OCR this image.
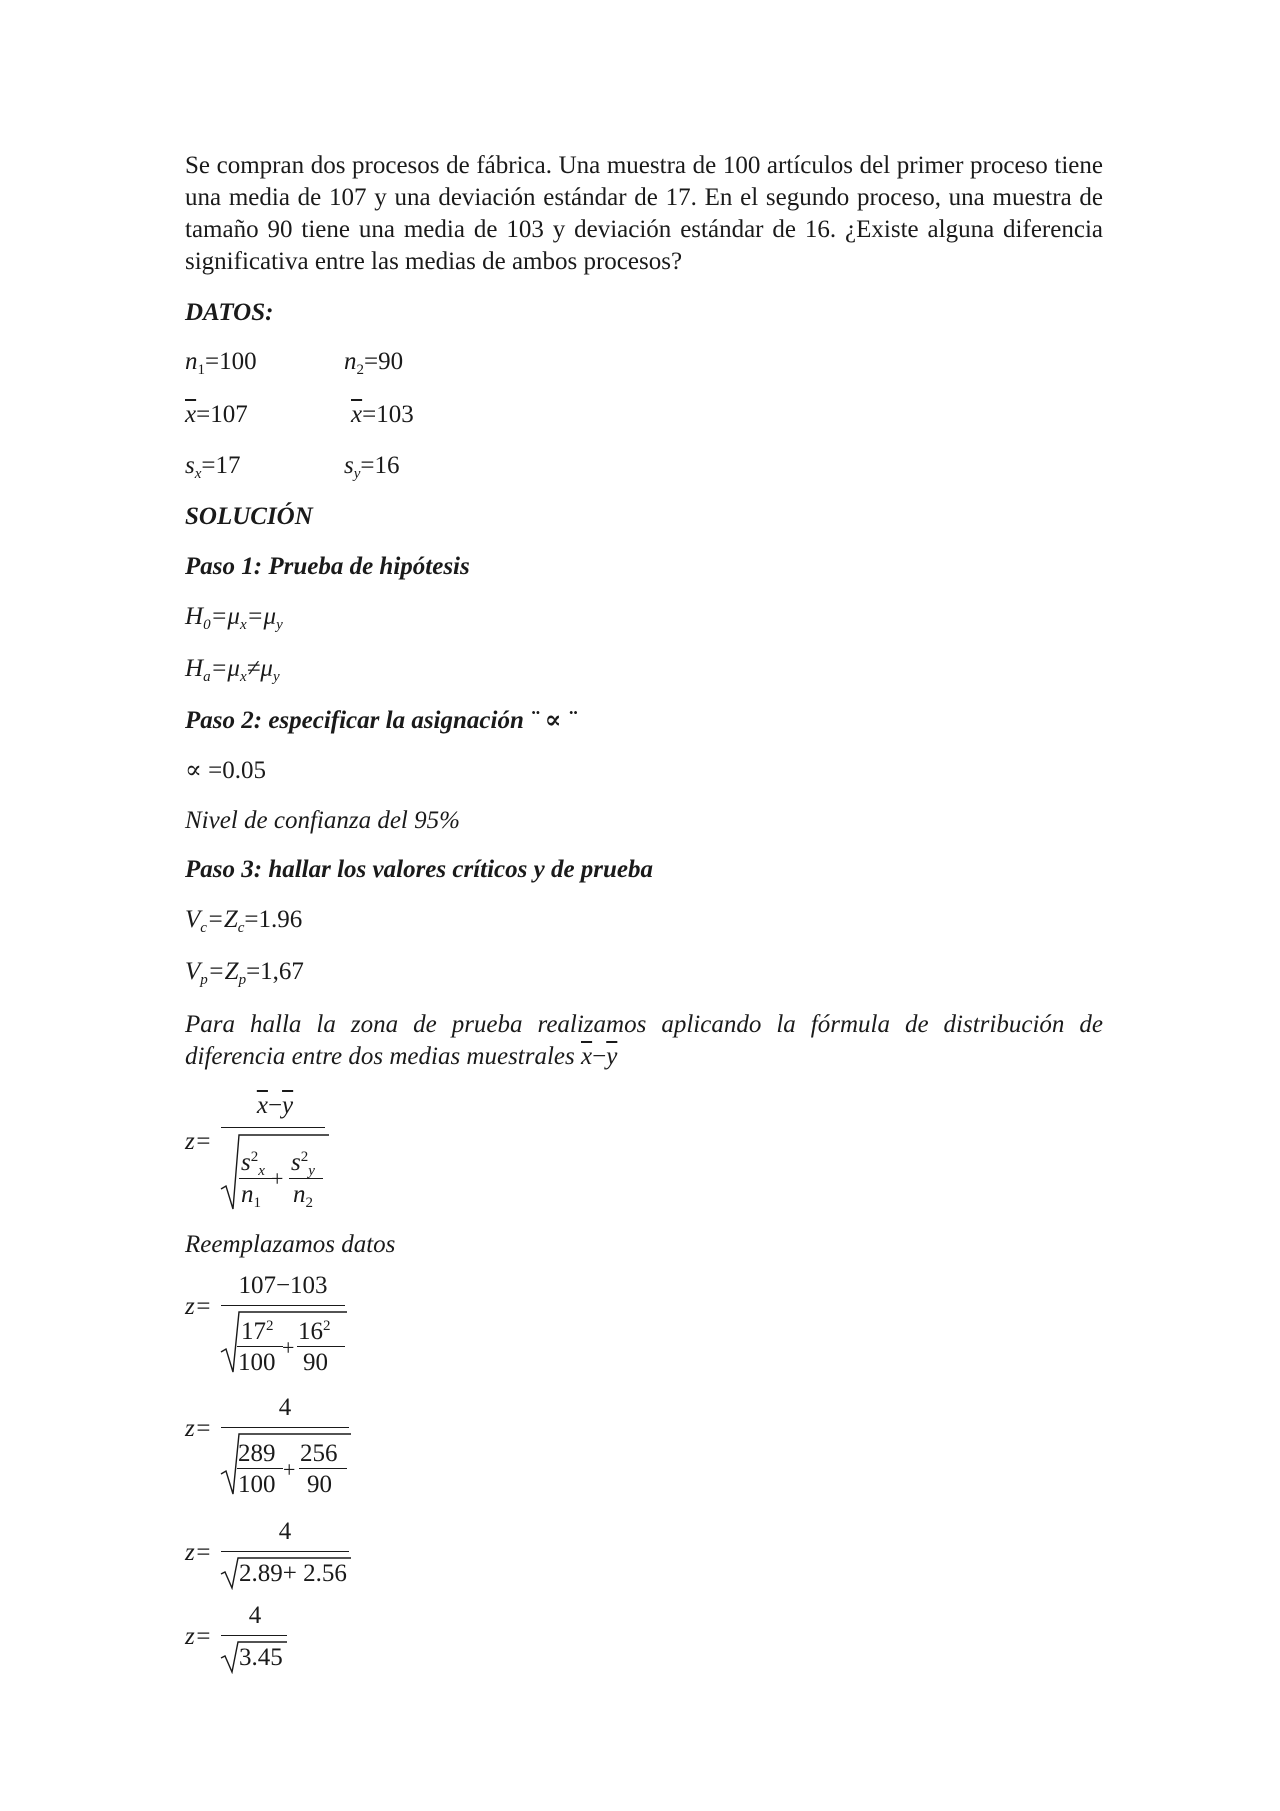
Se compran dos procesos de fábrica. Una muestra de 100 artículos del primer proceso tiene una media de 107 y una deviación estándar de 17. En el segundo proceso, una muestra de tamaño 90 tiene una media de 103 y deviación estándar de 16. ¿Existe alguna diferencia significativa entre las medias de ambos procesos?

DATOS:
$n_1=100$	$n_2=90$
$\overline{x}=107$	$\overline{x}=103$
$s_x=17$	$s_y=16$
SOLUCIÓN
Paso 1: Prueba de hipótesis
$H_0=\mu_x=\mu_y$
$H_a=\mu_x\ne\mu_y$
Paso 2: especificar la asignación ¨ ∝ ¨
∝ =0.05
Nivel de confianza del 95%
Paso 3: hallar los valores críticos y de prueba
$V_c=Z_c=1.96$
$V_p=Z_p=1,67$

Para halla la zona de prueba realizamos aplicando la fórmula de distribución de diferencia entre dos medias muestrales $\overline{x}-\overline{y}$

z=
$\overline{x}-\overline{y}$
$s^2_x$
$n_1$
+
$s^2_y$
$n_2$
Reemplazamos datos
z=
107−103
$17^2$
100
+
$16^2$
90
z=
4
289
100
+
256
90
z=
4
2.89+ 2.56
z=
4
3.45
